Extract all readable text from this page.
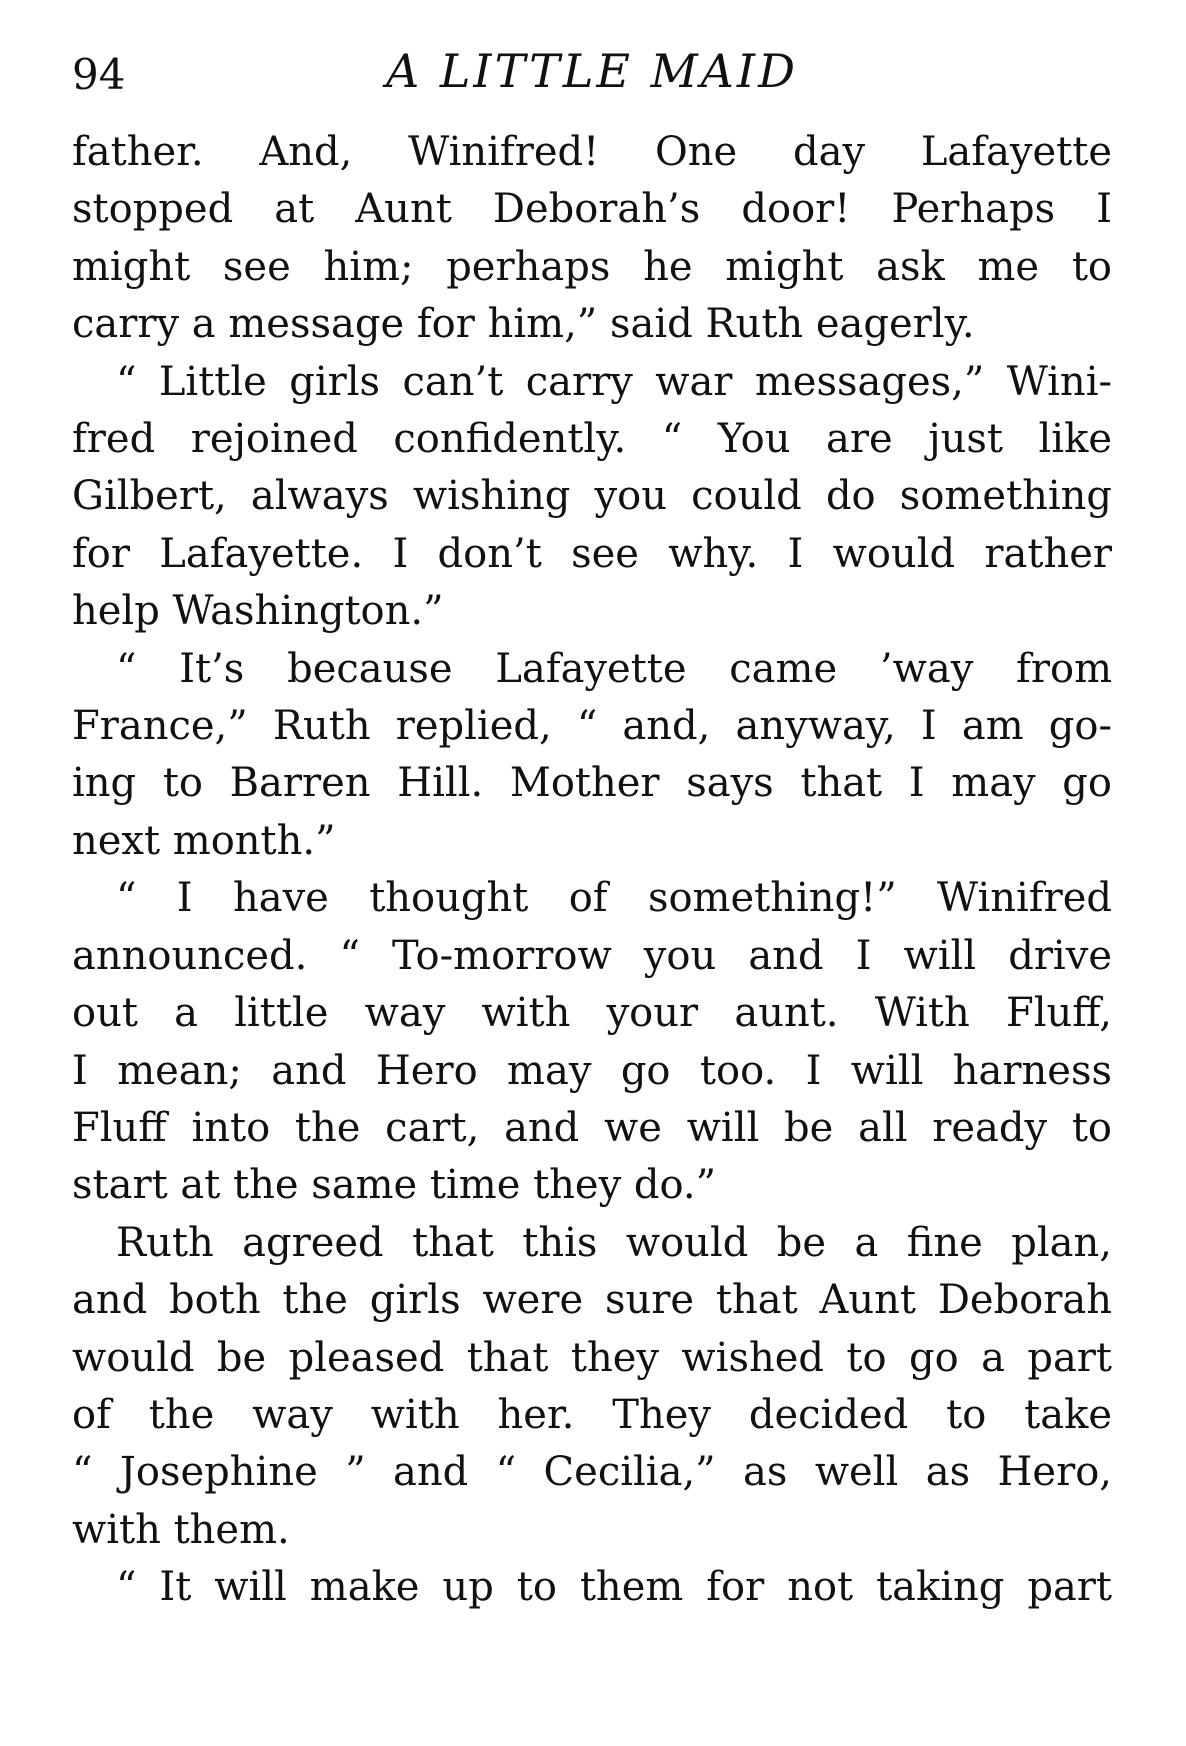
94	A LITTLE MAID

father. And, Winifred! One day Lafayette
stopped at Aunt Deborah’s door! Perhaps I
might see him; perhaps he might ask me to
carry a message for him,” said Ruth eagerly.

“ Little girls can’t carry war messages,” Wini-
fred rejoined confidently. “ You are just like
Gilbert, always wishing you could do something
for Lafayette. I don’t see why. I would rather
help Washington.”

“ It’s because Lafayette came ’way from
France,” Ruth replied, “ and, anyway, I am go-
ing to Barren Hill. Mother says that I may go
next month.”

“ I have thought of something!” Winifred
announced. “ To-morrow you and I will drive
out a little way with your aunt. With Fluff,
I mean; and Hero may go too. I will harness
Fluff into the cart, and we will be all ready to
start at the same time they do.”

Ruth agreed that this would be a fine plan,
and both the girls were sure that Aunt Deborah
would be pleased that they wished to go a part
of the way with her. They decided to take
“ Josephine ” and “ Cecilia,” as well as Hero,
with them.

“ It will make up to them for not taking part
